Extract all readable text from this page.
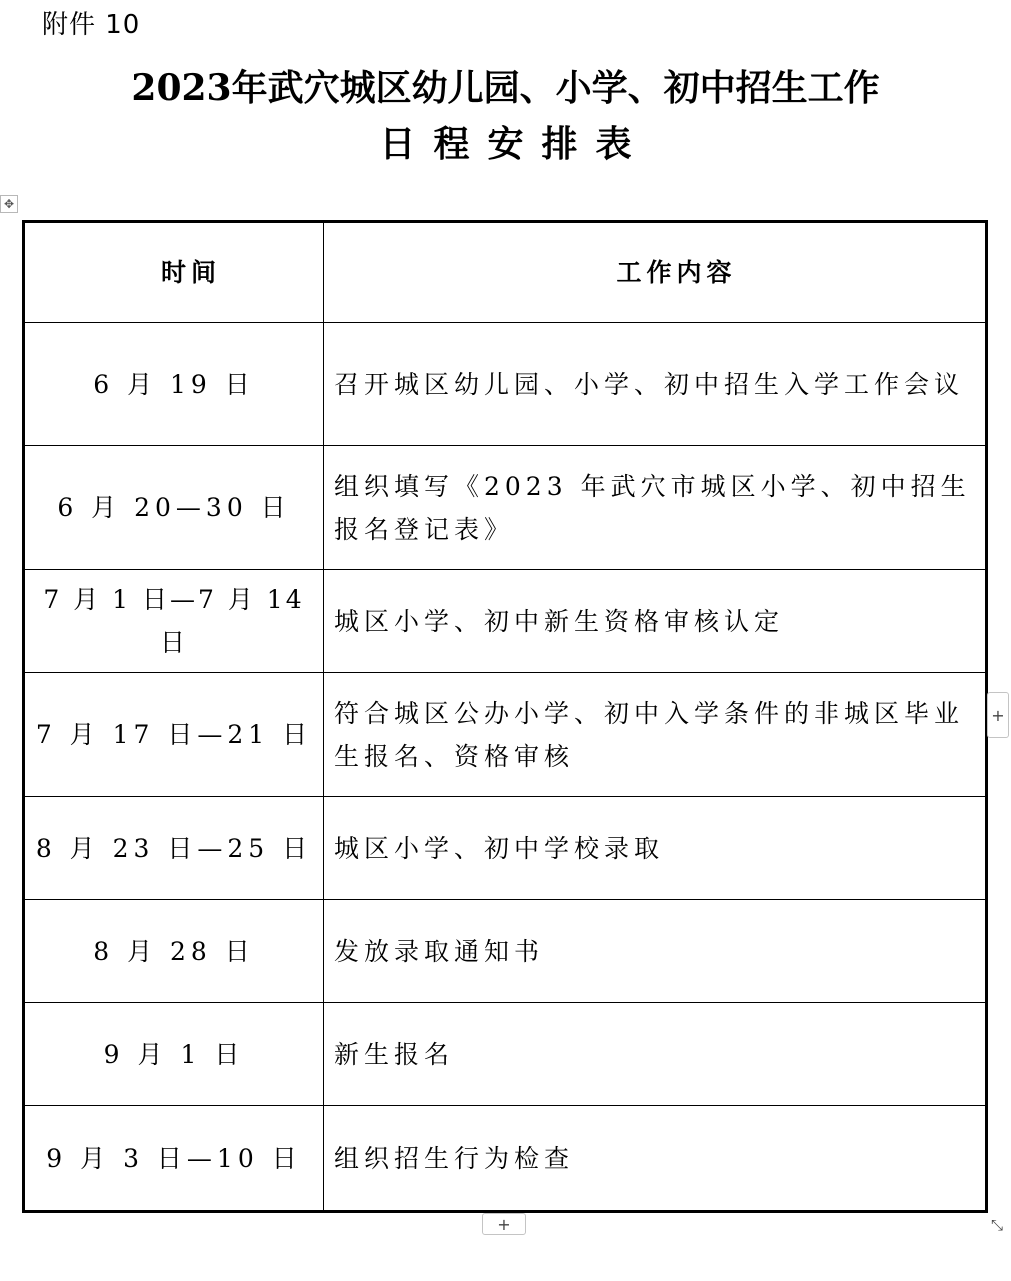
附件 10
2023年武穴城区幼儿园、小学、初中招生工作
日程安排表
✥
时间	工作内容
6 月 19 日	召开城区幼儿园、小学、初中招生入学工作会议
6 月 20—30 日	组织填写《2023 年武穴市城区小学、初中招生报名登记表》
7 月 1 日—7 月 14 日	城区小学、初中新生资格审核认定
7 月 17 日—21 日	符合城区公办小学、初中入学条件的非城区毕业生报名、资格审核
8 月 23 日—25 日	城区小学、初中学校录取
8 月 28 日	发放录取通知书
9 月 1 日	新生报名
9 月 3 日—10 日	组织招生行为检查
+
+	⤡
